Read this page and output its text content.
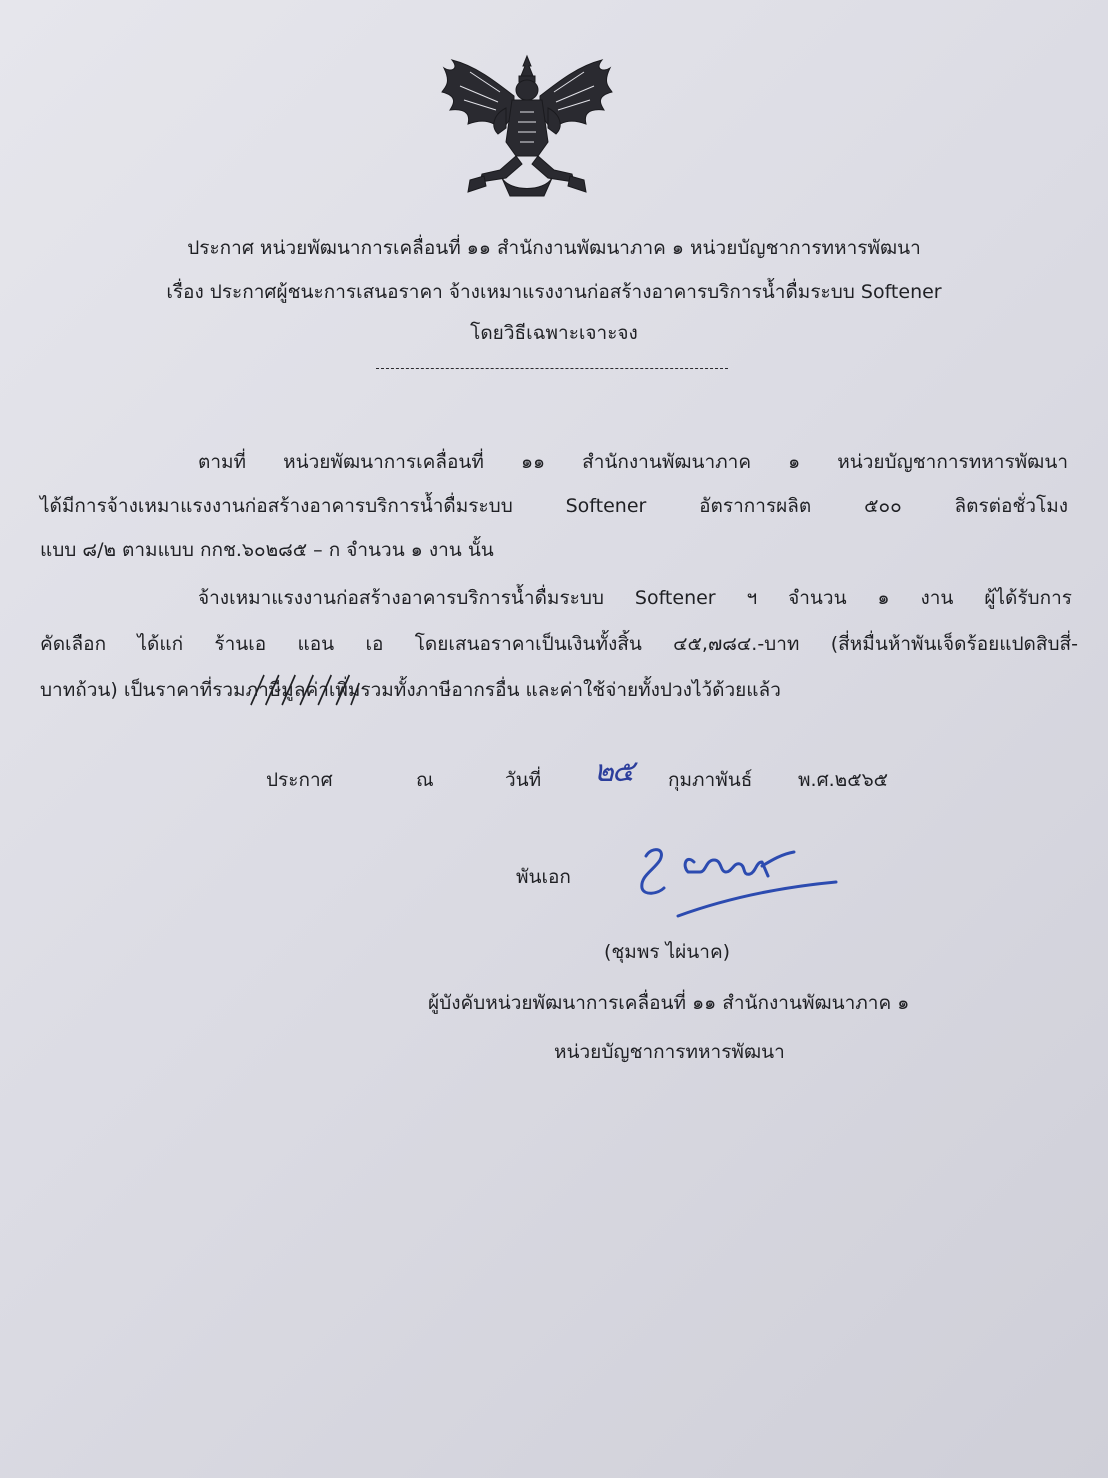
ประกาศ หน่วยพัฒนาการเคลื่อนที่ ๑๑ สำนักงานพัฒนาภาค ๑ หน่วยบัญชาการทหารพัฒนา
เรื่อง ประกาศผู้ชนะการเสนอราคา จ้างเหมาแรงงานก่อสร้างอาคารบริการน้ำดื่มระบบ Softener
โดยวิธีเฉพาะเจาะจง
ตามที่ หน่วยพัฒนาการเคลื่อนที่ ๑๑ สำนักงานพัฒนาภาค ๑ หน่วยบัญชาการทหารพัฒนา
ได้มีการจ้างเหมาแรงงานก่อสร้างอาคารบริการน้ำดื่มระบบ Softener อัตราการผลิต ๕๐๐ ลิตรต่อชั่วโมง
แบบ ๘/๒ ตามแบบ กกช.๖๐๒๘๕ – ก จำนวน ๑ งาน นั้น
จ้างเหมาแรงงานก่อสร้างอาคารบริการน้ำดื่มระบบ Softener ฯ จำนวน ๑ งาน ผู้ได้รับการ
คัดเลือก ได้แก่ ร้านเอ แอน เอ โดยเสนอราคาเป็นเงินทั้งสิ้น ๔๕,๗๘๔.-บาท (สี่หมื่นห้าพันเจ็ดร้อยแปดสิบสี่-
บาทถ้วน) เป็นราคาที่รวมภาษีมูลค่าเพิ่ม
รวมทั้งภาษีอากรอื่น และค่าใช้จ่ายทั้งปวงไว้ด้วยแล้ว
ประกาศ	ณ	วันที่ ๒๕ กุมภาพันธ์ พ.ศ.๒๕๖๕
พันเอก
(ชุมพร ไผ่นาค)
ผู้บังคับหน่วยพัฒนาการเคลื่อนที่ ๑๑ สำนักงานพัฒนาภาค ๑
หน่วยบัญชาการทหารพัฒนา
